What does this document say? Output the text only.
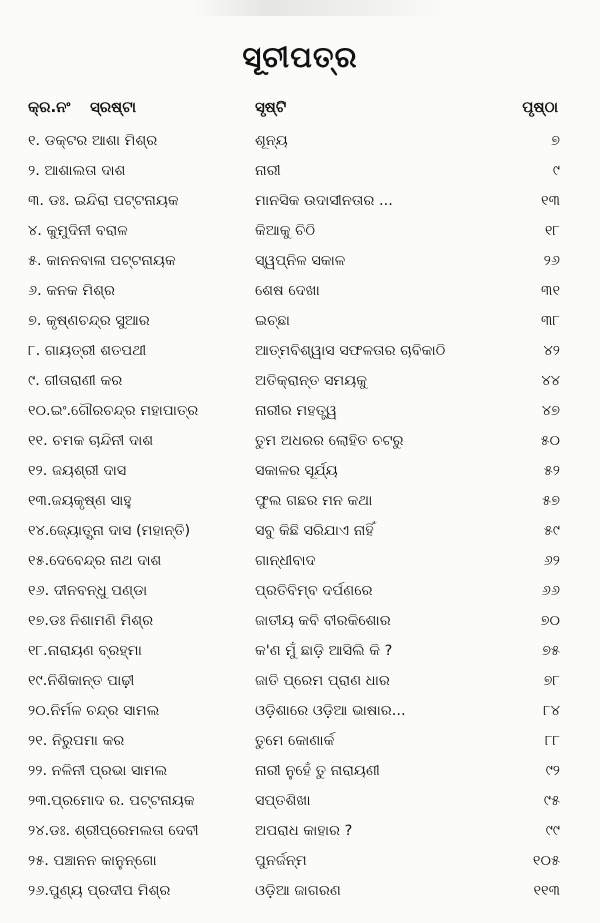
ସୂଚୀପତ୍ର
କ୍ର.ନଂ ସ୍ରଷ୍ଟା	ସୃଷ୍ଟି	ପୃଷ୍ଠା
୧. ଡକ୍ଟର ଆଶା ମିଶ୍ର	ଶୂନ୍ୟ	୭
୨. ଆଶାଲତା ଦାଶ	ନାରୀ	୯
୩. ଡଃ. ଇନ୍ଦିରା ପଟ୍ଟନାୟକ	ମାନସିକ ଉଦାସୀନତାର ...	୧୩
୪. କୁମୁଦିନୀ ବରାଳ	କିଆକୁ ଚିଠି	୧୮
୫. କାନନବାଳା ପଟ୍ଟନାୟକ	ସ୍ୱପ୍ନିଳ ସକାଳ	୨୬
୬. କନକ ମିଶ୍ର	ଶେଷ ଦେଖା	୩୧
୭. କୃଷ୍ଣଚନ୍ଦ୍ର ସୁଆର	ଇଚ୍ଛା	୩୮
୮. ଗାୟତ୍ରୀ ଶତପଥୀ	ଆତ୍ମବିଶ୍ୱାସ ସଫଳତାର ଚାବିକାଠି	୪୨
୯. ଗୀତାରାଣୀ କର	ଅତିକ୍ରାନ୍ତ ସମୟକୁ	୪୪
୧୦.ଇଂ.ଗୌରଚନ୍ଦ୍ର ମହାପାତ୍ର	ନାରୀର ମହତ୍ତ୍ୱ	୪୭
୧୧. ଚମକ ଚାନ୍ଦିନୀ ଦାଶ	ତୁମ ଅଧରର ଲୋହିତ ଚଟରୁ	୫୦
୧୨. ଜୟଶ୍ରୀ ଦାସ	ସକାଳର ସୂର୍ଯ୍ୟ	୫୨
୧୩.ଜୟକୃଷ୍ଣ ସାହୁ	ଫୁଲ ଗଛର ମନ କଥା	୫୭
୧୪.ଜ୍ୟୋତ୍ସ୍ନା ଦାସ (ମହାନ୍ତି)	ସବୁ କିଛି ସରିଯାଏ ନାହିଁ	୫୯
୧୫.ଦେବେନ୍ଦ୍ର ନାଥ ଦାଶ	ଗାନ୍ଧୀବାଦ	୬୨
୧୬. ଦୀନବନ୍ଧୁ ପଣ୍ଡା	ପ୍ରତିବିମ୍ବ ଦର୍ପଣରେ	୬୬
୧୭.ଡଃ ନିଶାମଣି ମିଶ୍ର	ଜାତୀୟ କବି ବୀରକିଶୋର	୭୦
୧୮.ନାରାୟଣ ବ୍ରହ୍ମା	କ'ଣ ମୁଁ ଛାଡ଼ି ଆସିଲି କି ?	୭୫
୧୯.ନିଶିକାନ୍ତ ପାଢ଼ୀ	ଜାତି ପ୍ରେମ ପ୍ରାଣ ଧାର	୭୮
୨୦.ନିର୍ମଳ ଚନ୍ଦ୍ର ସାମଲ	ଓଡ଼ିଶାରେ ଓଡ଼ିଆ ଭାଷାର...	୮୪
୨୧. ନିରୁପମା କର	ତୁମେ କୋଣାର୍କ	୮୮
୨୨. ନଳିନୀ ପ୍ରଭା ସାମଲ	ନାରୀ ନୁହେଁ ତୁ ନାରାୟଣୀ	୯୨
୨୩.ପ୍ରମୋଦ ର. ପଟ୍ଟନାୟକ	ସପ୍ତଶିଖା	୯୫
୨୪.ଡଃ. ଶ୍ରୀପ୍ରେମଲତା ଦେବୀ	ଅପରାଧ କାହାର ?	୯୯
୨୫. ପଞ୍ଚାନନ କାନୁନ୍‌ଗୋ	ପୁନର୍ଜନ୍ମ	୧୦୫
୨୬.ପୁଣ୍ୟ ପ୍ରଦୀପ ମିଶ୍ର	ଓଡ଼ିଆ ଜାଗରଣ	୧୧୩
